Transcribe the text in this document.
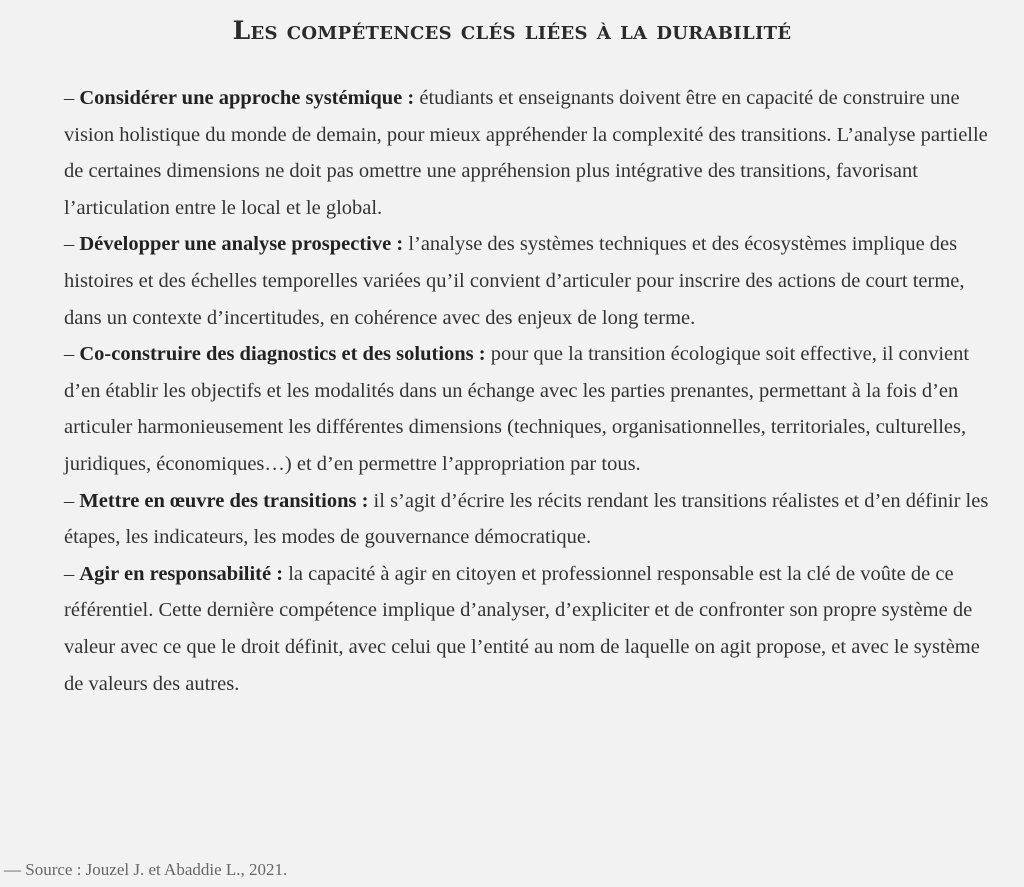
Les compétences clés liées à la durabilité

– Considérer une approche systémique : étudiants et enseignants doivent être en capacité de construire une vision holistique du monde de demain, pour mieux appréhender la complexité des transitions. L’analyse partielle de certaines dimensions ne doit pas omettre une appréhension plus intégrative des transitions, favorisant l’articulation entre le local et le global.

– Développer une analyse prospective : l’analyse des systèmes techniques et des écosystèmes implique des histoires et des échelles temporelles variées qu’il convient d’articuler pour inscrire des actions de court terme, dans un contexte d’incertitudes, en cohérence avec des enjeux de long terme.

– Co-construire des diagnostics et des solutions : pour que la transition écologique soit effective, il convient d’en établir les objectifs et les modalités dans un échange avec les parties prenantes, permettant à la fois d’en articuler harmonieusement les différentes dimensions (techniques, organisationnelles, territoriales, culturelles, juridiques, économiques…) et d’en permettre l’appropriation par tous.

– Mettre en œuvre des transitions : il s’agit d’écrire les récits rendant les transitions réalistes et d’en définir les étapes, les indicateurs, les modes de gouvernance démocratique.

– Agir en responsabilité : la capacité à agir en citoyen et professionnel responsable est la clé de voûte de ce référentiel. Cette dernière compétence implique d’analyser, d’expliciter et de confronter son propre système de valeur avec ce que le droit définit, avec celui que l’entité au nom de laquelle on agit propose, et avec le système de valeurs des autres.

— Source : Jouzel J. et Abaddie L., 2021.
